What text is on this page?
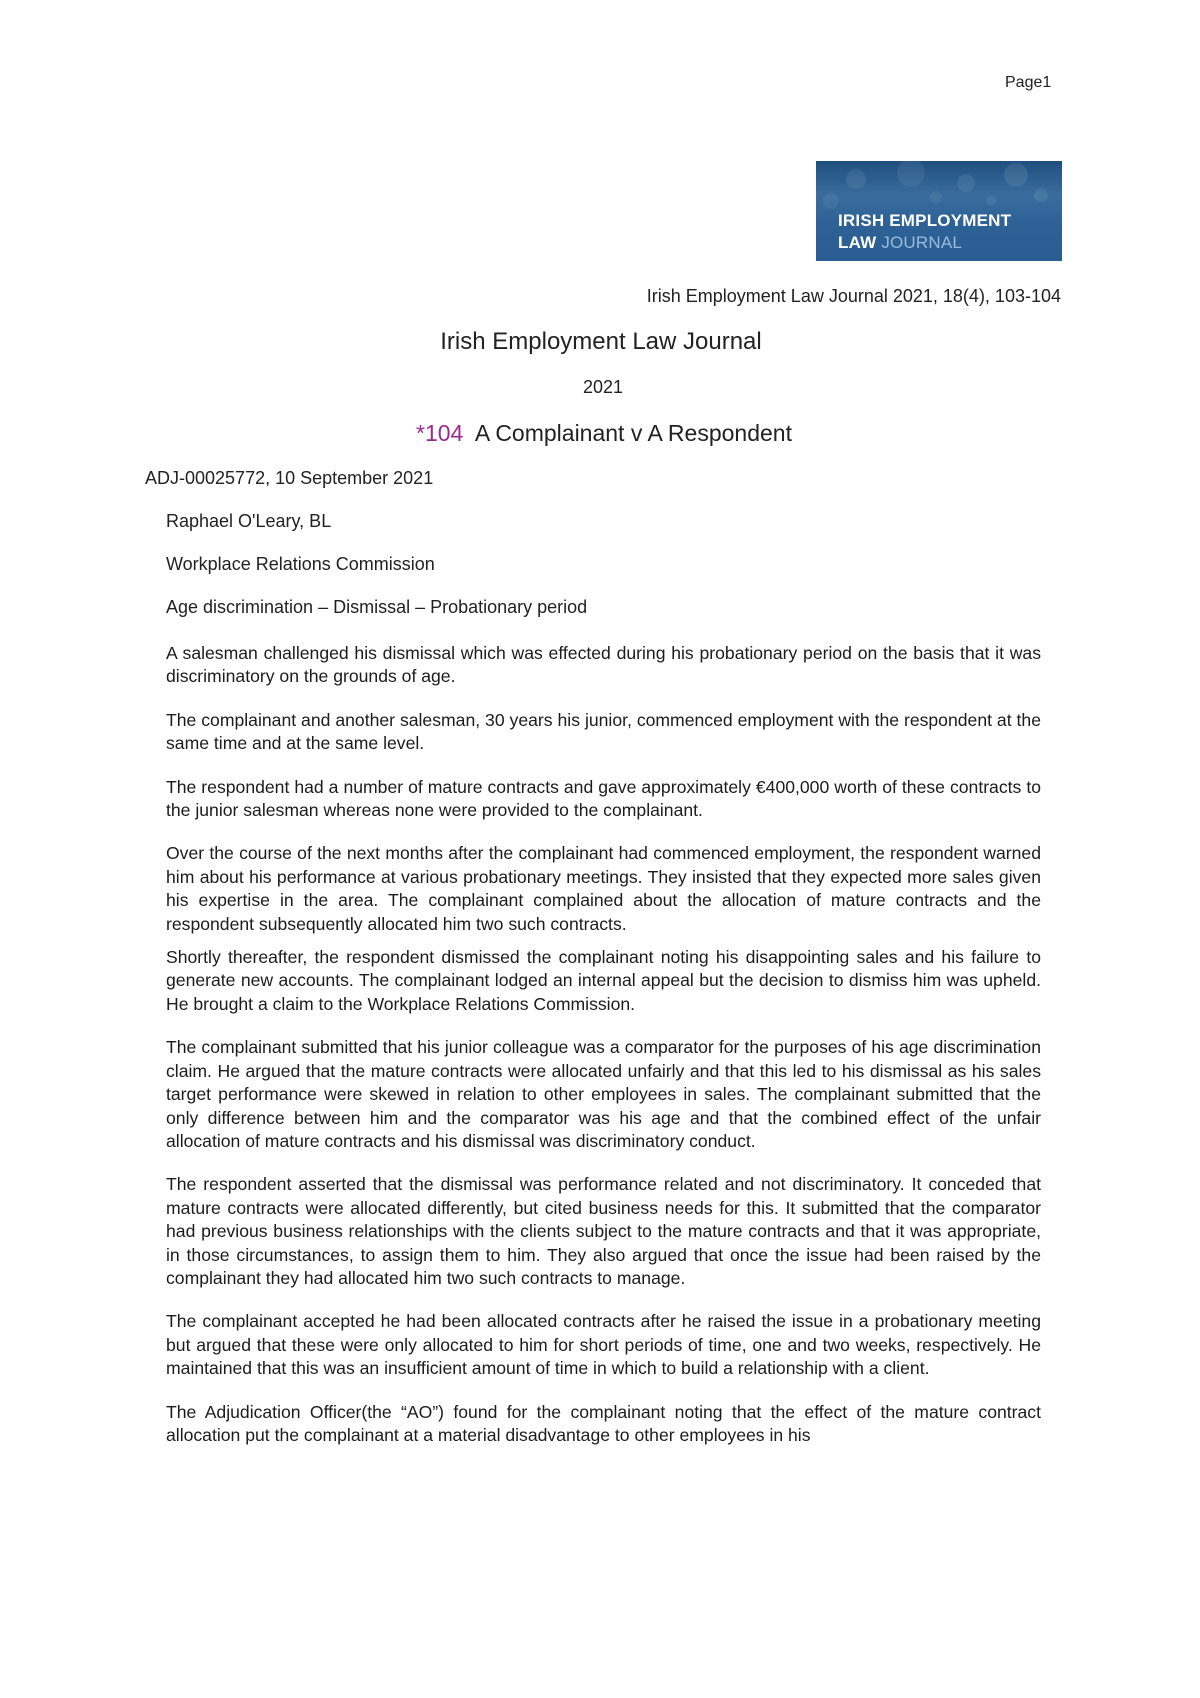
Page1
IRISH EMPLOYMENT
LAW JOURNAL
Irish Employment Law Journal 2021, 18(4), 103-104
Irish Employment Law Journal
2021
*104 A Complainant v A Respondent
ADJ-00025772, 10 September 2021
Raphael O'Leary, BL
Workplace Relations Commission
Age discrimination – Dismissal – Probationary period

A salesman challenged his dismissal which was effected during his probationary period on the basis that it was discriminatory on the grounds of age.

The complainant and another salesman, 30 years his junior, commenced employment with the respondent at the same time and at the same level.

The respondent had a number of mature contracts and gave approximately €400,000 worth of these contracts to the junior salesman whereas none were provided to the complainant.

Over the course of the next months after the complainant had commenced employment, the respondent warned him about his performance at various probationary meetings. They insisted that they expected more sales given his expertise in the area. The complainant complained about the allocation of mature contracts and the respondent subsequently allocated him two such contracts.

Shortly thereafter, the respondent dismissed the complainant noting his disappointing sales and his failure to generate new accounts. The complainant lodged an internal appeal but the decision to dismiss him was upheld. He brought a claim to the Workplace Relations Commission.

The complainant submitted that his junior colleague was a comparator for the purposes of his age discrimination claim. He argued that the mature contracts were allocated unfairly and that this led to his dismissal as his sales target performance were skewed in relation to other employees in sales. The complainant submitted that the only difference between him and the comparator was his age and that the combined effect of the unfair allocation of mature contracts and his dismissal was discriminatory conduct.

The respondent asserted that the dismissal was performance related and not discriminatory. It conceded that mature contracts were allocated differently, but cited business needs for this. It submitted that the comparator had previous business relationships with the clients subject to the mature contracts and that it was appropriate, in those circumstances, to assign them to him. They also argued that once the issue had been raised by the complainant they had allocated him two such contracts to manage.

The complainant accepted he had been allocated contracts after he raised the issue in a probationary meeting but argued that these were only allocated to him for short periods of time, one and two weeks, respectively. He maintained that this was an insufficient amount of time in which to build a relationship with a client.

The Adjudication Officer(the “AO”) found for the complainant noting that the effect of the mature contract allocation put the complainant at a material disadvantage to other employees in his
